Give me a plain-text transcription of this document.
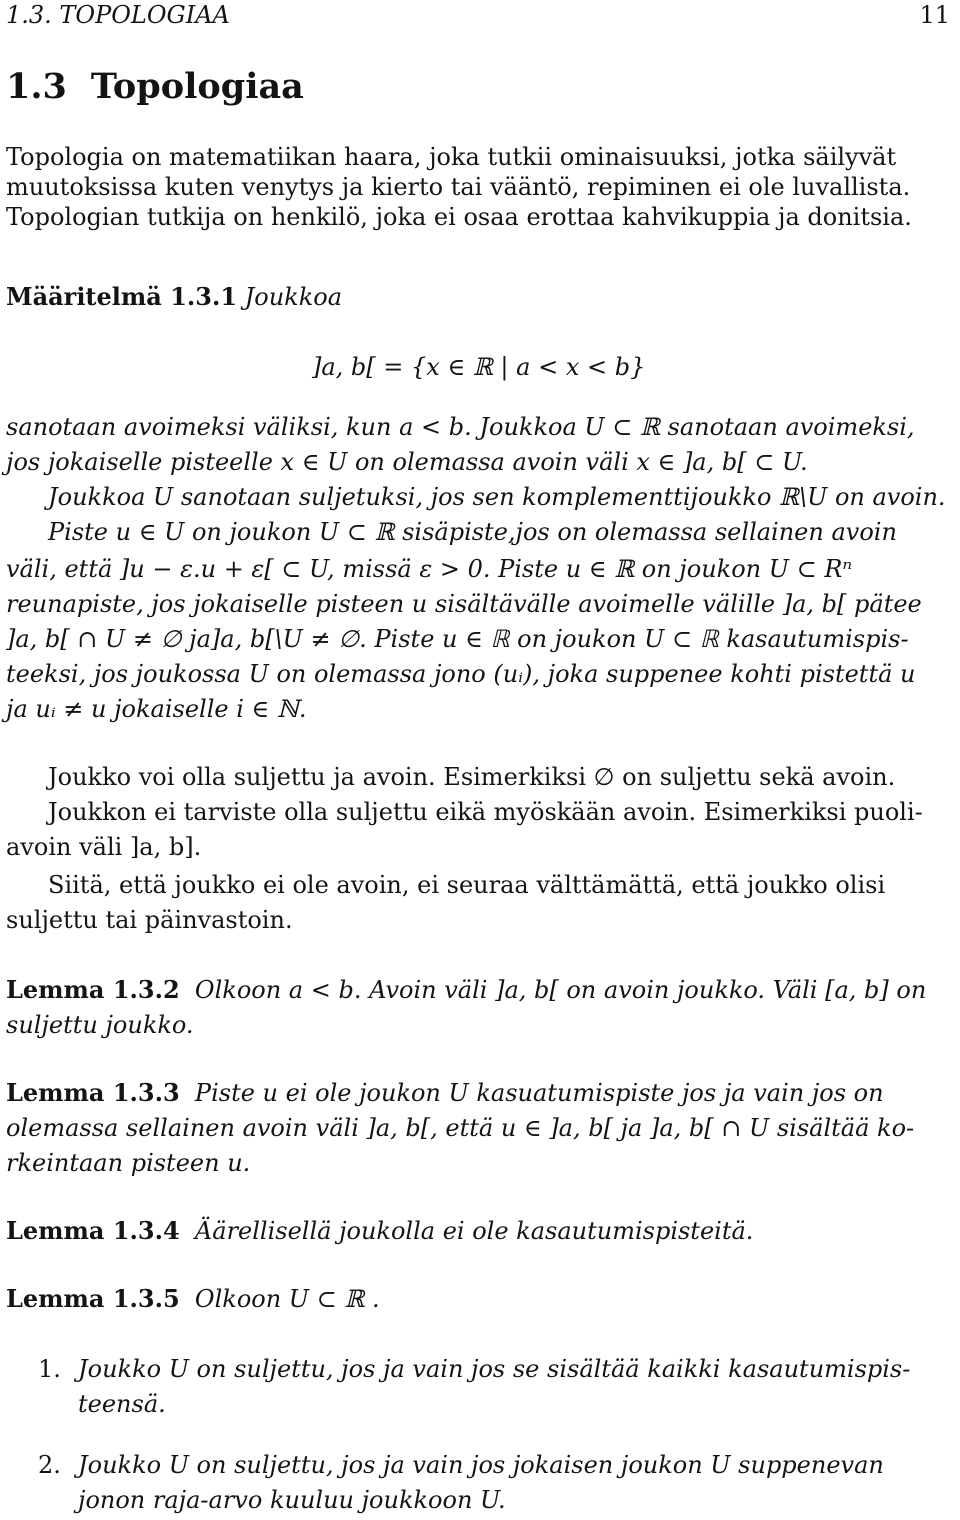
1.3. TOPOLOGIAA	11
1.3 Topologiaa

Topologia on matematiikan haara, joka tutkii ominaisuuksi, jotka säilyvät

muutoksissa kuten venytys ja kierto tai vääntö, repiminen ei ole luvallista.

Topologian tutkija on henkilö, joka ei osaa erottaa kahvikuppia ja donitsia.

Määritelmä 1.3.1 Joukkoa

]a, b[ = {x ∈ ℝ | a < x < b}

sanotaan avoimeksi väliksi, kun a < b. Joukkoa U ⊂ ℝ sanotaan avoimeksi,

jos jokaiselle pisteelle x ∈ U on olemassa avoin väli x ∈ ]a, b[ ⊂ U.

Joukkoa U sanotaan suljetuksi, jos sen komplementtijoukko ℝ\U on avoin.

Piste u ∈ U on joukon U ⊂ ℝ sisäpiste,jos on olemassa sellainen avoin

väli, että ]u − ε.u + ε[ ⊂ U, missä ε > 0. Piste u ∈ ℝ on joukon U ⊂ Rⁿ

reunapiste, jos jokaiselle pisteen u sisältävälle avoimelle välille ]a, b[ pätee

]a, b[ ∩ U ≠ ∅ ja]a, b[\U ≠ ∅. Piste u ∈ ℝ on joukon U ⊂ ℝ kasautumispis-

teeksi, jos joukossa U on olemassa jono (uᵢ), joka suppenee kohti pistettä u

ja uᵢ ≠ u jokaiselle i ∈ ℕ.

Joukko voi olla suljettu ja avoin. Esimerkiksi ∅ on suljettu sekä avoin.

Joukkon ei tarviste olla suljettu eikä myöskään avoin. Esimerkiksi puoli-

avoin väli ]a, b].

Siitä, että joukko ei ole avoin, ei seuraa välttämättä, että joukko olisi

suljettu tai päinvastoin.

Lemma 1.3.2 Olkoon a < b. Avoin väli ]a, b[ on avoin joukko. Väli [a, b] on

suljettu joukko.

Lemma 1.3.3 Piste u ei ole joukon U kasuatumispiste jos ja vain jos on

olemassa sellainen avoin väli ]a, b[, että u ∈ ]a, b[ ja ]a, b[ ∩ U sisältää ko-

rkeintaan pisteen u.

Lemma 1.3.4 Äärellisellä joukolla ei ole kasautumispisteitä.

Lemma 1.3.5 Olkoon U ⊂ ℝ .

1. Joukko U on suljettu, jos ja vain jos se sisältää kaikki kasautumispis-

teensä.

2. Joukko U on suljettu, jos ja vain jos jokaisen joukon U suppenevan

jonon raja-arvo kuuluu joukkoon U.
